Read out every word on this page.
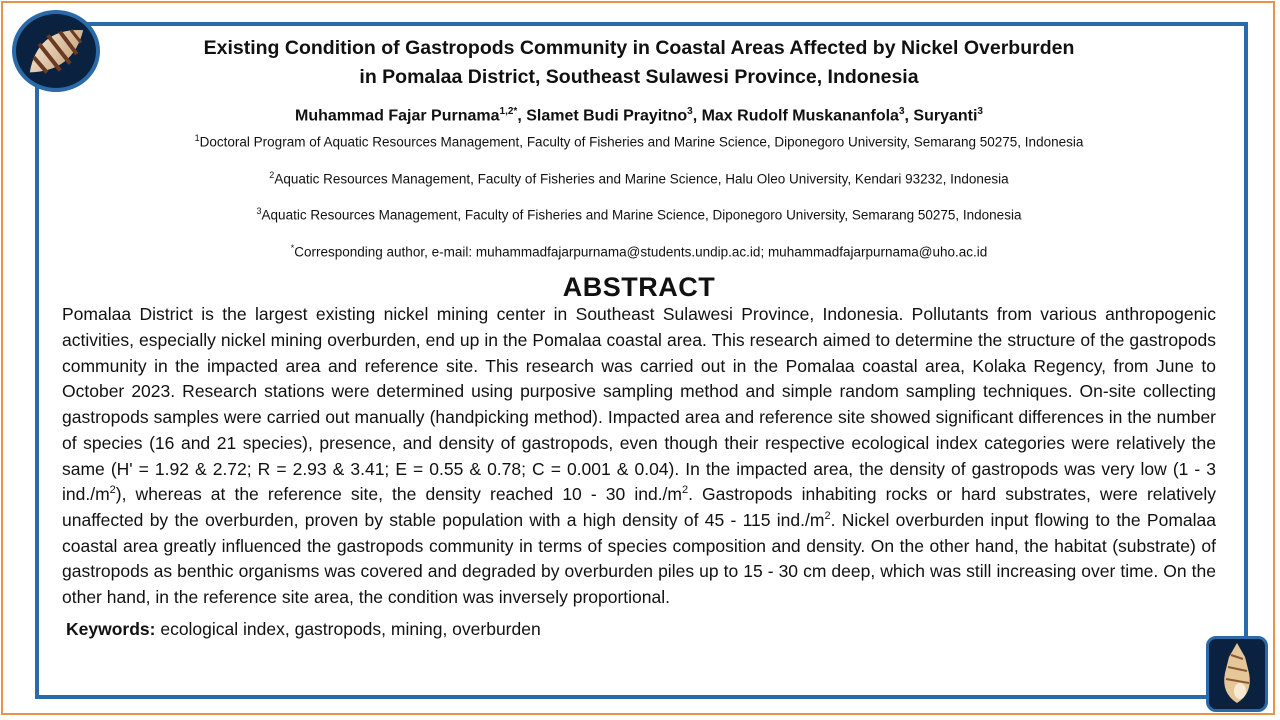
Existing Condition of Gastropods Community in Coastal Areas Affected by Nickel Overburden
in Pomalaa District, Southeast Sulawesi Province, Indonesia
Muhammad Fajar Purnama$^{1,2*}$, Slamet Budi Prayitno$^3$, Max Rudolf Muskananfola$^3$, Suryanti$^3$
$^1$Doctoral Program of Aquatic Resources Management, Faculty of Fisheries and Marine Science, Diponegoro University, Semarang 50275, Indonesia
$^2$Aquatic Resources Management, Faculty of Fisheries and Marine Science, Halu Oleo University, Kendari 93232, Indonesia
$^3$Aquatic Resources Management, Faculty of Fisheries and Marine Science, Diponegoro University, Semarang 50275, Indonesia
*Corresponding author, e-mail: muhammadfajarpurnama@students.undip.ac.id; muhammadfajarpurnama@uho.ac.id
ABSTRACT

Pomalaa District is the largest existing nickel mining center in Southeast Sulawesi Province, Indonesia. Pollutants from various anthropogenic activities, especially nickel mining overburden, end up in the Pomalaa coastal area. This research aimed to determine the structure of the gastropods community in the impacted area and reference site. This research was carried out in the Pomalaa coastal area, Kolaka Regency, from June to October 2023. Research stations were determined using purposive sampling method and simple random sampling techniques. On-site collecting gastropods samples were carried out manually (handpicking method). Impacted area and reference site showed significant differences in the number of species (16 and 21 species), presence, and density of gastropods, even though their respective ecological index categories were relatively the same (H' = 1.92 & 2.72; R = 2.93 & 3.41; E = 0.55 & 0.78; C = 0.001 & 0.04). In the impacted area, the density of gastropods was very low (1 - 3 $ind./m^2$), whereas at the reference site, the density reached 10 - 30 $ind./m^2$. Gastropods inhabiting rocks or hard substrates, were relatively unaffected by the overburden, proven by stable population with a high density of 45 - 115 $ind./m^2$. Nickel overburden input flowing to the Pomalaa coastal area greatly influenced the gastropods community in terms of species composition and density. On the other hand, the habitat (substrate) of gastropods as benthic organisms was covered and degraded by overburden piles up to 15 - 30 cm deep, which was still increasing over time. On the other hand, in the reference site area, the condition was inversely proportional.

Keywords: ecological index, gastropods, mining, overburden
